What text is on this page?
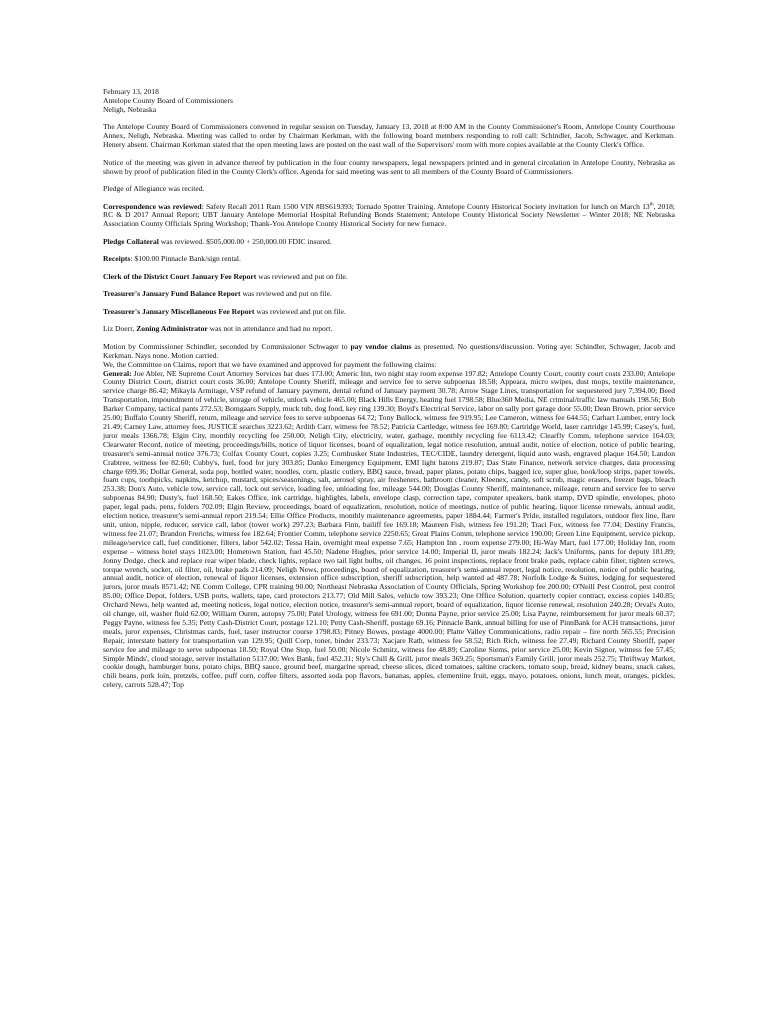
February 13, 2018
Antelope County Board of Commissioners
Neligh, Nebraska

The Antelope County Board of Commissioners convened in regular session on Tuesday, January 13, 2018 at 8:00 AM in the County Commissioner's Room, Antelope County Courthouse Annex, Neligh, Nebraska. Meeting was called to order by Chairman Kerkman, with the following board members responding to roll call: Schindler, Jacob, Schwager, and Kerkman. Henery absent. Chairman Kerkman stated that the open meeting laws are posted on the east wall of the Supervisors' room with more copies available at the County Clerk's Office.

Notice of the meeting was given in advance thereof by publication in the four county newspapers, legal newspapers printed and in general circulation in Antelope County, Nebraska as shown by proof of publication filed in the County Clerk's office. Agenda for said meeting was sent to all members of the County Board of Commissioners.

Pledge of Allegiance was recited.

Correspondence was reviewed: Safety Recall 2011 Ram 1500 VIN #BS619393; Tornado Spotter Training. Antelope County Historical Society invitation for lunch on March 13th, 2018; RC & D 2017 Annual Report; UBT January Antelope Memorial Hospital Refunding Bonds Statement; Antelope County Historical Society Newsletter – Winter 2018; NE Nebraska Association County Officials Spring Workshop; Thank-You Antelope County Historical Society for new furnace.

Pledge Collateral was reviewed. $505,000.00 + 250,000.00 FDIC insured.

Receipts: $100.00 Pinnacle Bank/sign rental.

Clerk of the District Court January Fee Report was reviewed and put on file.

Treasurer's January Fund Balance Report was reviewed and put on file.

Treasurer's January Miscellaneous Fee Report was reviewed and put on file.

Liz Doerr, Zoning Administrator was not in attendance and had no report.

Motion by Commissioner Schindler, seconded by Commissioner Schwager to pay vendor claims as presented. No questions/discussion. Voting aye: Schindler, Schwager, Jacob and Kerkman. Nays none. Motion carried.

We, the Committee on Claims, report that we have examined and approved for payment the following claims:

General: Joe Abler, NE Supreme Court Attorney Services bar dues 173.00; Americ Inn, two night stay room expense 197.82; Antelope County Court, county court costs 233.00; Antelope County District Court, district court costs 36.00; Antelope County Sheriff, mileage and service fee to serve subpoenas 18.58; Appeara, micro swipes, dust mops, textile maintenance, service charge 86.42; Mikayla Armitage, VSP refund of January payment, dental refund of January payment 30.78; Arrow Stage Lines, transportation for sequestered jury 7,394.00; Beed Transportation, impoundment of vehicle, storage of vehicle, unlock vehicle 465.00; Black Hills Energy, heating fuel 1798.58; Blue360 Media, NE criminal/traffic law manuals 198.56; Bob Barker Company, tactical pants 272.53; Bomgaars Supply, muck tub, dog food, key ring 139.30; Boyd's Electrical Service, labor on sally port garage door 55.00; Dean Brown, prior service 25.00; Buffalo County Sheriff, return, mileage and service fees to serve subpoenas 64.72; Tony Bullock, witness fee 919.95; Lee Cameron, witness fee 644.55; Carhart Lumber, entry lock 21.49; Carney Law, attorney fees, JUSTICE searches 3223.62; Ardith Carr, witness fee 78.52; Patricia Cartledge, witness fee 169.80; Cartridge World, laser cartridge 145.99; Casey's, fuel, juror meals 1366.78; Elgin City, monthly recycling fee 250.00; Neligh City, electricity, water, garbage, monthly recycling fee 6113.42; Clearfly Comm, telephone service 164.03; Clearwater Record, notice of meeting, proceedings/bills, notice of liquor licenses, board of equalization, legal notice resolution, annual audit, notice of election, notice of public hearing, treasurer's semi-annual notice 376.73; Colfax County Court, copies 3.25; Cornhusker State Industries, TEC/CIDE, laundry detergent, liquid auto wash, engraved plaque 164.50; Landon Crabtree, witness fee 82.60; Cubby's, fuel, food for jury 303.85; Danko Emergency Equipment, EMI light batons 219.87; Das State Finance, network service charges, data processing charge 699.36; Dollar General, soda pop, bottled water, noodles, corn, plastic cutlery, BBQ sauce, bread, paper plates, potato chips, bagged ice, super glue, hook/loop strips, paper towels, foam cups, toothpicks, napkins, ketchup, mustard, spices/seasonings, salt, aerosol spray, air fresheners, bathroom cleaner, Kleenex, candy, soft scrub, magic erasers, freezer bags, bleach 253.38; Don's Auto, vehicle tow, service call, lock out service, loading fee, unloading fee, mileage 544.00; Douglas County Sheriff, maintenance, mileage, return and service fee to serve subpoenas 84.90; Dusty's, fuel 168.50; Eakes Office, ink cartridge, highlights, labels, envelope clasp, correction tape, computer speakers, bank stamp, DVD spindle, envelopes, photo paper, legal pads, pens, folders 702.09; Elgin Review, proceedings, board of equalization, resolution, notice of meetings, notice of public hearing, liquor license renewals, annual audit, election notice, treasurer's semi-annual report 219.54; Ellie Office Products, monthly maintenance agreements, paper 1884.44; Farmer's Pride, installed regulators, outdoor flex line, flare unit, union, nipple, reducer, service call, labor (tower work) 297.23; Barbara Finn, bailiff fee 169.18; Maureen Fish, witness fee 191.20; Traci Fox, witness fee 77.04; Destiny Francis, witness fee 21.07; Brandon Frerichs, witness fee 182.64; Frontier Comm, telephone service 2250.65; Great Plains Comm, telephone service 190.00; Green Line Equipment, service pickup, mileage/service call, fuel conditioner, filters, labor 542.02; Tessa Hain, overnight meal expense 7.65; Hampton Inn , room expense 279.00; Hi-Way Mart, fuel 177.00; Holiday Inn, room expense – witness hotel stays 1023.00; Hometown Station, fuel 45.50; Nadene Hughes, prior service 14.00; Imperial II, juror meals 182.24; Jack's Uniforms, pants for deputy 181.89; Jonny Dodge, check and replace rear wiper blade, check lights, replace two tail light bulbs, oil changes, 16 point inspections, replace front brake pads, replace cabin filter, tighten screws, torque wrench, socket, oil filter, oil, brake pads 214.09; Neligh News, proceedings, board of equalization, treasurer's semi-annual report, legal notice, resolution, notice of public hearing, annual audit, notice of election, renewal of liquor licenses, extension office subscription, sheriff subscription, help wanted ad 487.78; Norfolk Lodge & Suites, lodging for sequestered jurors, juror meals 8571.42; NE Comm College, CPR training 90.00; Northeast Nebraska Association of County Officials, Spring Workshop fee 200.00; O'Neill Pest Control, pest control 85.00; Office Depot, folders, USB ports, wallets, tape, card protectors 213.77; Old Mill Sales, vehicle tow 393.23; One Office Solution, quarterly copier contract, excess copies 140.85; Orchard News, help wanted ad, meeting notices, legal notice, election notice, treasurer's semi-annual report, board of equalization, liquor license renewal, resolution 240.28; Orval's Auto, oil change, oil, washer fluid 62.00; William Ouren, autopsy 75.00; Patel Urology, witness fee 691.00; Donna Payne, prior service 25.00; Lisa Payne, reimbursement for juror meals 60.37; Peggy Payne, witness fee 5.35; Petty Cash-District Court, postage 121.10; Petty Cash-Sheriff, postage 69.16; Pinnacle Bank, annual billing for use of PinnBank for ACH transactions, juror meals, juror expenses, Christmas cards, fuel, taser instructor course 1798.83; Pitney Bowes, postage 4000.00; Platte Valley Communications, radio repair – fire north 565.55; Precision Repair, interstate battery for transportation van 129.95; Quill Corp, toner, binder 233.73; Xacjare Rath, witness fee 58.52; Rich Rich, witness fee 27.49; Richard County Sheriff, paper service fee and mileage to serve subpoenas 18.50; Royal One Stop, fuel 50.00; Nicole Schmitz, witness fee 48.89; Caroline Siems, prior service 25.00; Kevin Signor, witness fee 57.45; Simple Minds', cloud storage, server installation 5137.00; Wex Bank, fuel 452.31; Sly's Chill & Grill, juror meals 369.25; Sportsman's Family Grill, juror meals 252.75; Thriftway Market, cookie dough, hamburger buns, potato chips, BBQ sauce, ground beef, margarine spread, cheese slices, diced tomatoes, saltine crackers, tomato soup, bread, kidney beans, snack cakes, chili beans, pork loin, pretzels, coffee, puff corn, coffee filters, assorted soda pop flavors, bananas, apples, clementine fruit, eggs, mayo, potatoes, onions, lunch meat, oranges, pickles, celery, carrots 528.47; Top
